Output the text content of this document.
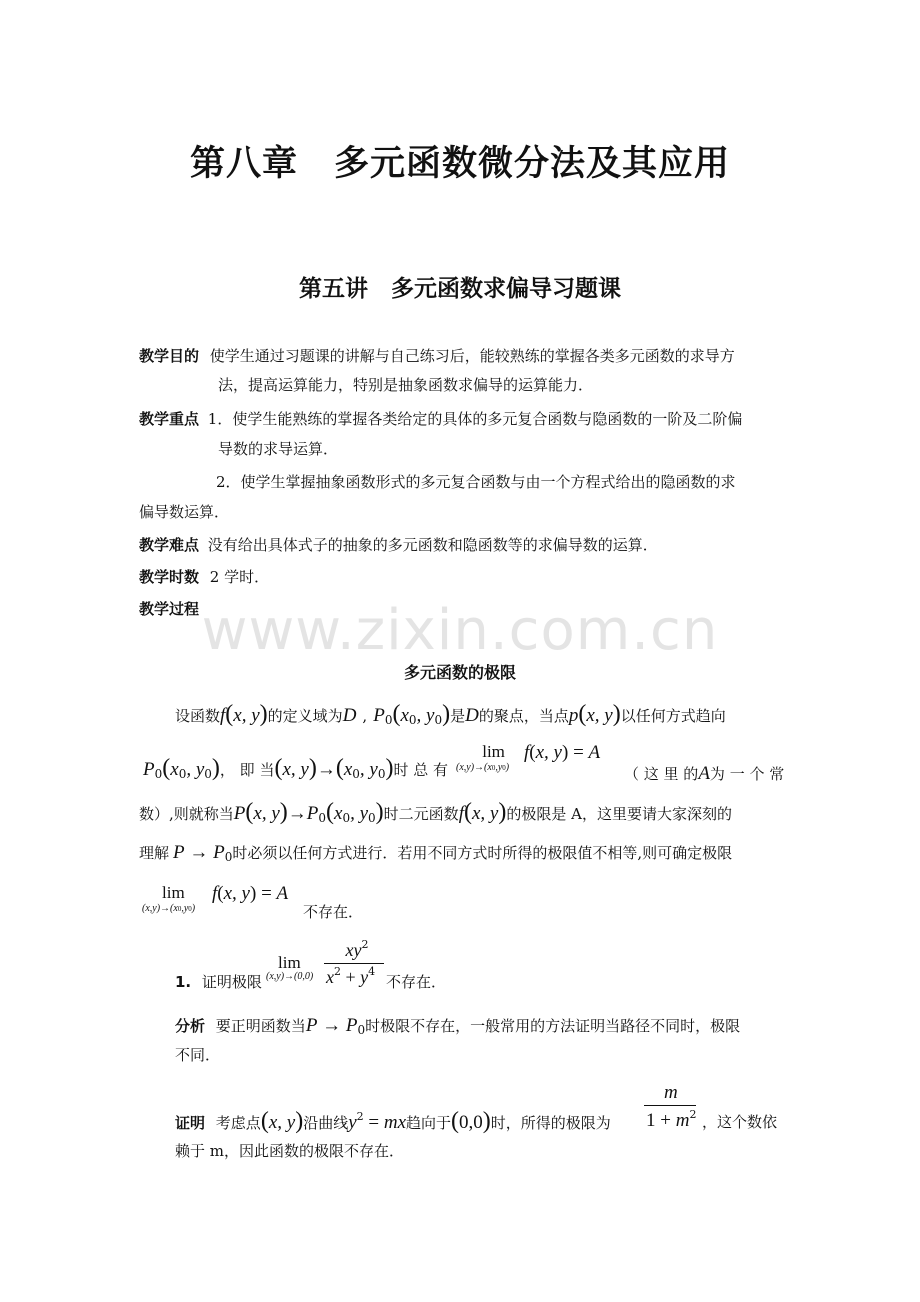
第八章　多元函数微分法及其应用
第五讲　多元函数求偏导习题课
教学目的 使学生通过习题课的讲解与自己练习后，能较熟练的掌握各类多元函数的求导方
法，提高运算能力，特别是抽象函数求偏导的运算能力．
教学重点 1．使学生能熟练的掌握各类给定的具体的多元复合函数与隐函数的一阶及二阶偏
导数的求导运算．
2．使学生掌握抽象函数形式的多元复合函数与由一个方程式给出的隐函数的求
偏导数运算．
教学难点 没有给出具体式子的抽象的多元函数和隐函数等的求偏导数的运算．
教学时数 2 学时．
教学过程 www.zixin.com.cn
多元函数的极限
设函数f(x, y)的定义域为D , $P_0(x_0$, $y_0$)是D的聚点，当点p(x, y)以任何方式趋向
$P_0(x_0$, $y_0$)， 即 当(x, $y)\to(x_0$, $y_0$)时 总 有
lim
(x,y)→(x0,y0)
f(x, y) = A
（ 这 里 的A为 一 个 常
数）,则就称当P(x, $y)\to P_0(x_0$, $y_0$)时二元函数f(x, y)的极限是 A，这里要请大家深刻的
理解 $P \to P_0$时必须以任何方式进行．若用不同方式时所得的极限值不相等,则可确定极限
lim
(x,y)→(x0,y0)
f(x, y) = A
不存在．
1. 证明极限
lim
(x,y)→(0,0)
$xy^2$
$x^2 + y^4$
不存在．
分析 要正明函数当$P \to P_0$时极限不存在，一般常用的方法证明当路径不同时，极限
不同．
证明 考虑点(x, y)沿曲线$y^2$ = mx趋向于(0,0)时，所得的极限为
m
$1 + m^2$ ，这个数依
赖于 m，因此函数的极限不存在．
